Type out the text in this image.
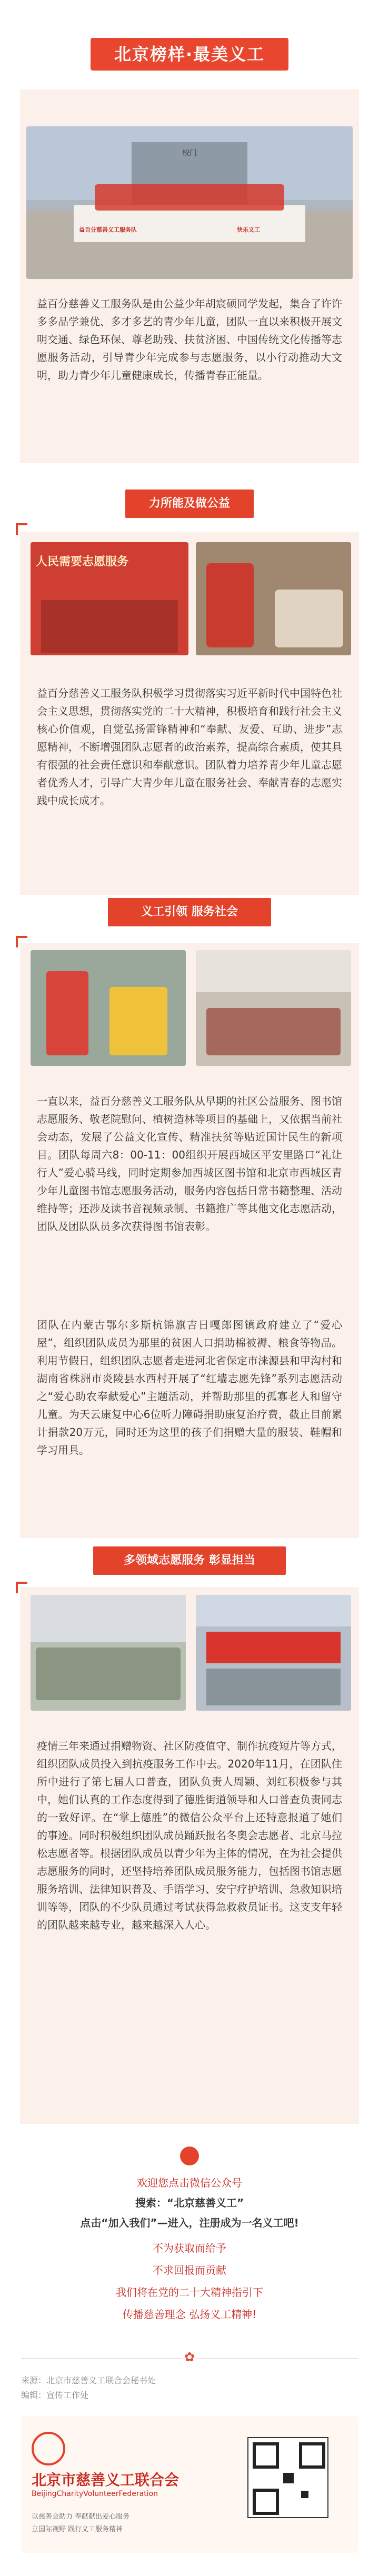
北京榜样·最美义工
校门
益百分慈善义工服务队	快乐义工

益百分慈善义工服务队是由公益少年胡宸硕同学发起，集合了许许多多品学兼优、多才多艺的青少年儿童，团队一直以来积极开展文明交通、绿色环保、尊老助残、扶贫济困、中国传统文化传播等志愿服务活动，引导青少年完成参与志愿服务，以小行动推动大文明，助力青少年儿童健康成长，传播青春正能量。

力所能及做公益
人民需要志愿服务

益百分慈善义工服务队积极学习贯彻落实习近平新时代中国特色社会主义思想，贯彻落实党的二十大精神，积极培育和践行社会主义核心价值观，自觉弘扬雷锋精神和“奉献、友爱、互助、进步”志愿精神，不断增强团队志愿者的政治素养，提高综合素质，使其具有很强的社会责任意识和奉献意识。团队着力培养青少年儿童志愿者优秀人才，引导广大青少年儿童在服务社会、奉献青春的志愿实践中成长成才。

义工引领 服务社会

一直以来，益百分慈善义工服务队从早期的社区公益服务、图书馆志愿服务、敬老院慰问、植树造林等项目的基础上，又依据当前社会动态，发展了公益文化宣传、精准扶贫等贴近国计民生的新项目。团队每周六8：00-11：00组织开展西城区平安里路口“礼让行人”爱心骑马线，同时定期参加西城区图书馆和北京市西城区青少年儿童图书馆志愿服务活动，服务内容包括日常书籍整理、活动维持等；还涉及读书音视频录制、书籍推广等其他文化志愿活动，团队及团队队员多次获得图书馆表彰。

团队在内蒙古鄂尔多斯杭锦旗吉日嘎郎图镇政府建立了“爱心屋”，组织团队成员为那里的贫困人口捐助棉被褥、粮食等物品。利用节假日，组织团队志愿者走进河北省保定市涞源县和甲沟村和湖南省株洲市炎陵县水西村开展了“红墙志愿先锋”系列志愿活动之“爱心助农奉献爱心”主题活动，并帮助那里的孤寡老人和留守儿童。为天云康复中心6位听力障碍捐助康复治疗费，截止目前累计捐款20万元，同时还为这里的孩子们捐赠大量的服装、鞋帽和学习用具。

多领域志愿服务 彰显担当

疫情三年来通过捐赠物资、社区防疫值守、制作抗疫短片等方式，组织团队成员投入到抗疫服务工作中去。2020年11月，在团队住所中进行了第七届人口普查，团队负责人周颖、刘红积极参与其中，她们认真的工作态度得到了德胜街道领导和人口普查负责同志的一致好评。在“掌上德胜”的微信公众平台上还特意报道了她们的事迹。同时积极组织团队成员踊跃报名冬奥会志愿者、北京马拉松志愿者等。根据团队成员以青少年为主体的情况，在为社会提供志愿服务的同时，还坚持培养团队成员服务能力，包括图书馆志愿服务培训、法律知识普及、手语学习、安宁疗护培训、急救知识培训等等，团队的不少队员通过考试获得急救救员证书。这支支年轻的团队越来越专业，越来越深入人心。

欢迎您点击微信公众号
搜索：“北京慈善义工”
点击“加入我们”—进入，注册成为一名义工吧!
不为获取而给予
不求回报而贡献
我们将在党的二十大精神指引下
传播慈善理念 弘扬义工精神!
✿
来源：北京市慈善义工联合会秘书处
编辑：宣传工作处
北京市慈善义工联合会
BeijingCharityVolunteerFederation
以慈善会助力 奉献献出爱心服务
立国际视野 践行义工服务精神
